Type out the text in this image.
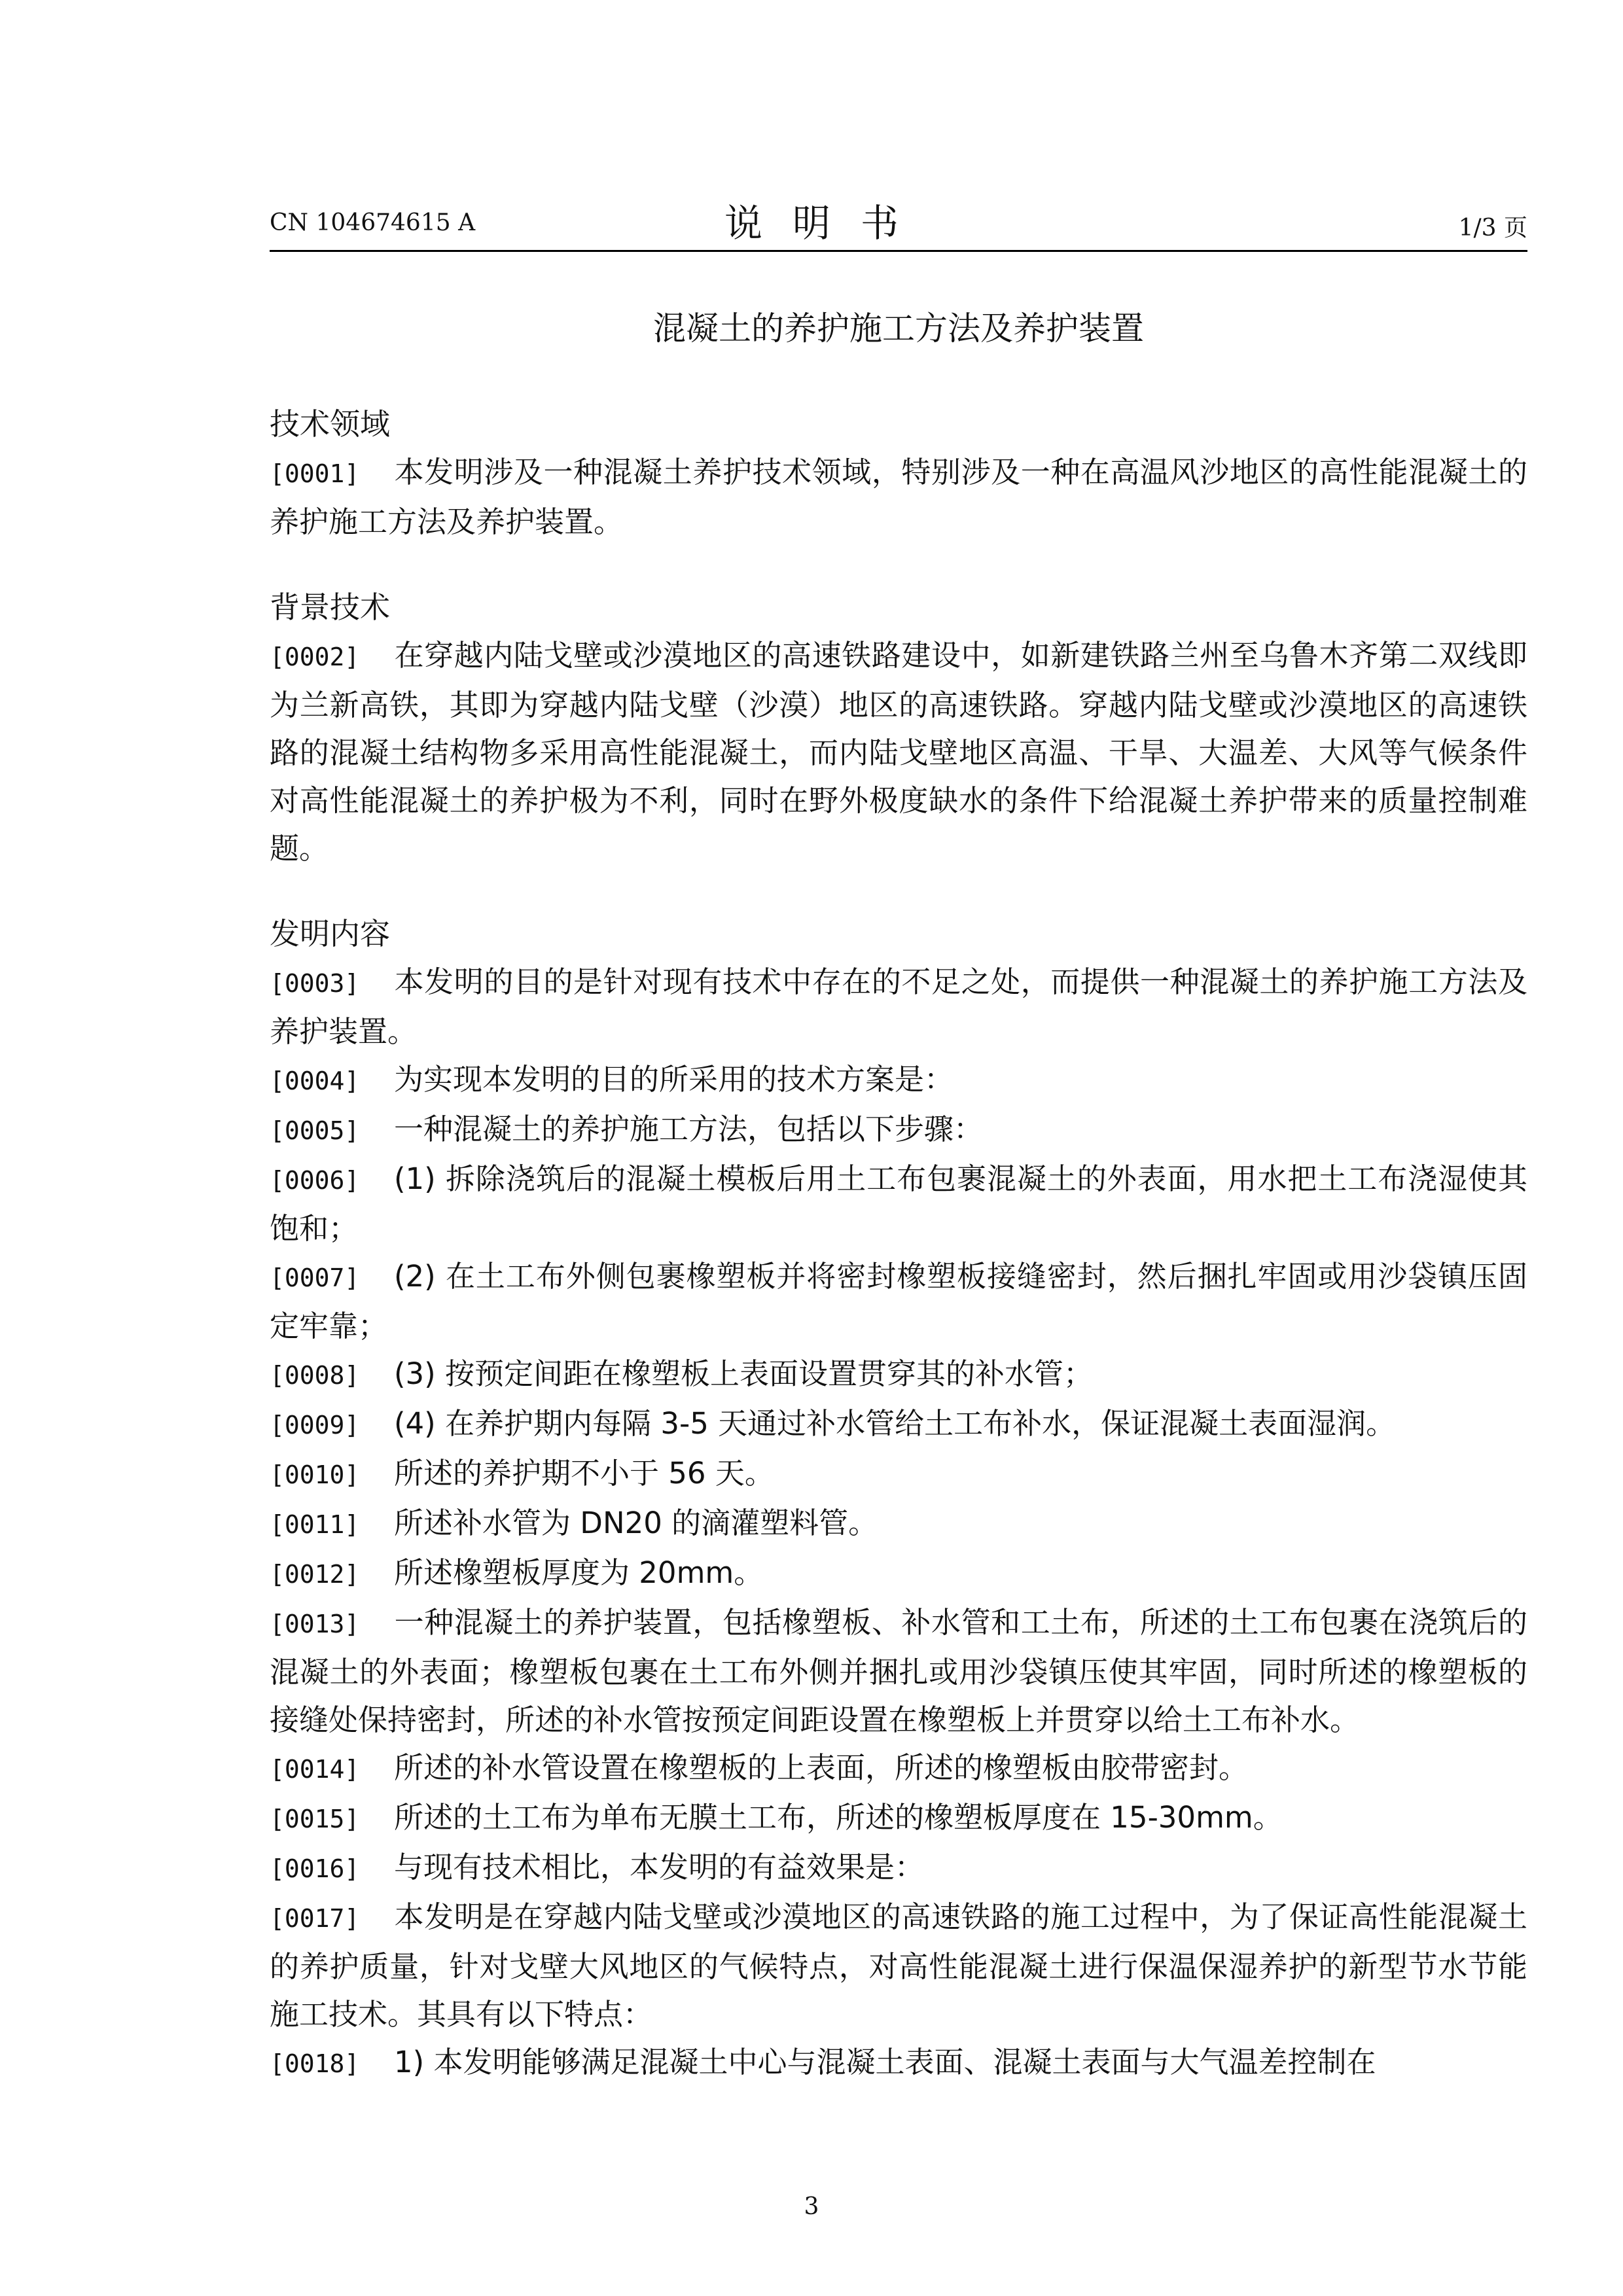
CN 104674615 A	说明书	1/3 页
混凝土的养护施工方法及养护装置
技术领域
[0001] 本发明涉及一种混凝土养护技术领域，特别涉及一种在高温风沙地区的高性能混凝土的养护施工方法及养护装置。
背景技术
[0002] 在穿越内陆戈壁或沙漠地区的高速铁路建设中，如新建铁路兰州至乌鲁木齐第二双线即为兰新高铁，其即为穿越内陆戈壁（沙漠）地区的高速铁路。穿越内陆戈壁或沙漠地区的高速铁路的混凝土结构物多采用高性能混凝土，而内陆戈壁地区高温、干旱、大温差、大风等气候条件对高性能混凝土的养护极为不利，同时在野外极度缺水的条件下给混凝土养护带来的质量控制难题。
发明内容
[0003] 本发明的目的是针对现有技术中存在的不足之处，而提供一种混凝土的养护施工方法及养护装置。
[0004] 为实现本发明的目的所采用的技术方案是：
[0005] 一种混凝土的养护施工方法，包括以下步骤：
[0006] (1) 拆除浇筑后的混凝土模板后用土工布包裹混凝土的外表面，用水把土工布浇湿使其饱和；
[0007] (2) 在土工布外侧包裹橡塑板并将密封橡塑板接缝密封，然后捆扎牢固或用沙袋镇压固定牢靠；
[0008] (3) 按预定间距在橡塑板上表面设置贯穿其的补水管；
[0009] (4) 在养护期内每隔 3-5 天通过补水管给土工布补水，保证混凝土表面湿润。
[0010] 所述的养护期不小于 56 天。
[0011] 所述补水管为 DN20 的滴灌塑料管。
[0012] 所述橡塑板厚度为 20mm。
[0013] 一种混凝土的养护装置，包括橡塑板、补水管和工土布，所述的土工布包裹在浇筑后的混凝土的外表面；橡塑板包裹在土工布外侧并捆扎或用沙袋镇压使其牢固，同时所述的橡塑板的接缝处保持密封，所述的补水管按预定间距设置在橡塑板上并贯穿以给土工布补水。
[0014] 所述的补水管设置在橡塑板的上表面，所述的橡塑板由胶带密封。
[0015] 所述的土工布为单布无膜土工布，所述的橡塑板厚度在 15-30mm。
[0016] 与现有技术相比，本发明的有益效果是：
[0017] 本发明是在穿越内陆戈壁或沙漠地区的高速铁路的施工过程中，为了保证高性能混凝土的养护质量，针对戈壁大风地区的气候特点，对高性能混凝土进行保温保湿养护的新型节水节能施工技术。其具有以下特点：
[0018] 1) 本发明能够满足混凝土中心与混凝土表面、混凝土表面与大气温差控制在
3
